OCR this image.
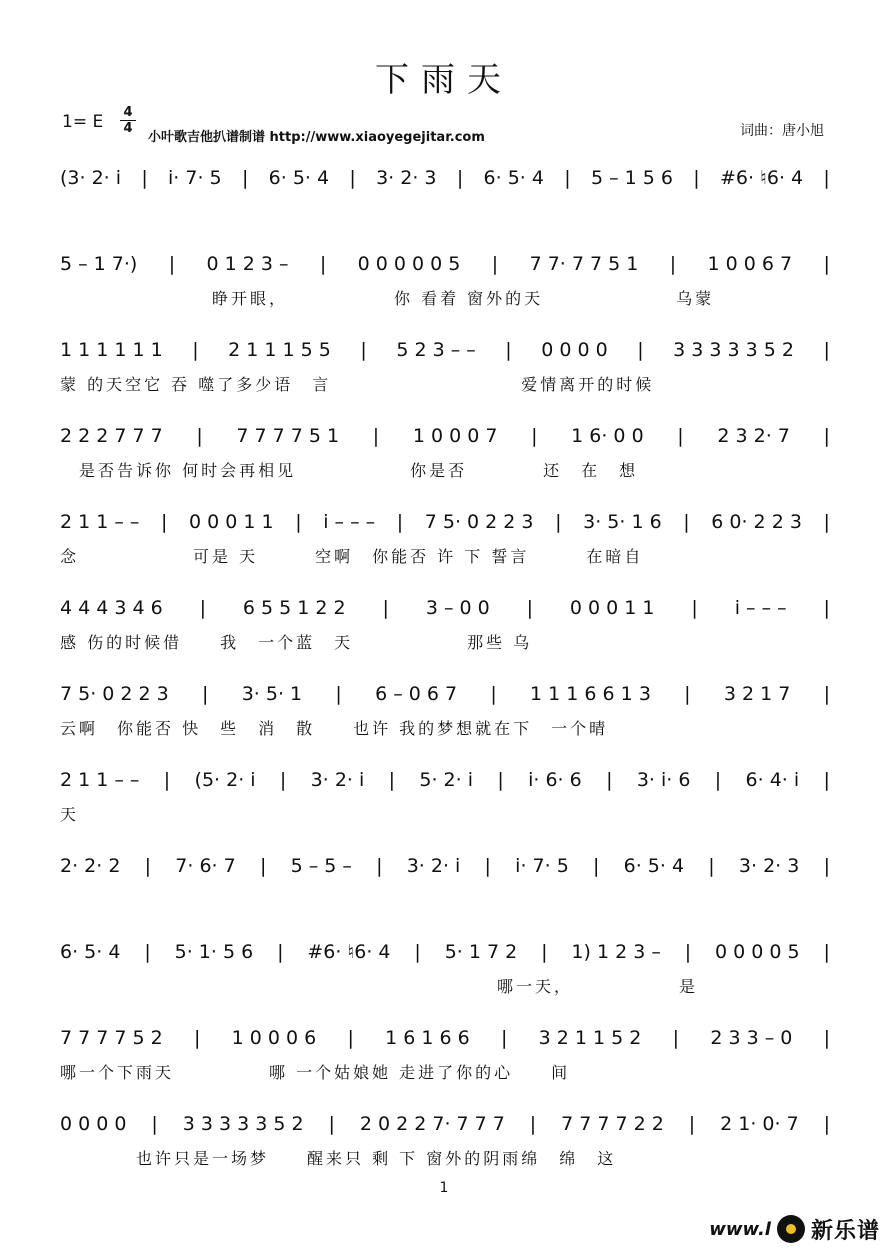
下雨天
1= E 4
4
小叶歌吉他扒谱制谱 http://www.xiaoyegejitar.com	词曲：唐小旭
(3· 2· i | i· 7· 5 | 6· 5· 4 | 3· 2· 3 | 6· 5· 4 | 5 – 1 5 6 | #6· ♮6· 4 |
5 – 1 7·) | 0 1 2 3 – | 0 0 0 0 0 5 | 7 7· 7 7 5 1 | 1 0 0 6 7 |
　　　　　　　　睁开眼，　　　　　　你 看着 窗外的天　　　　　　　乌蒙
1 1 1 1 1 1 | 2 1 1 1 5 5 | 5 2 3 – – | 0 0 0 0 | 3 3 3 3 3 5 2 |
蒙 的天空它 吞 噬了多少语　言　　　　　　　　　　爱情离开的时候
2 2 2 7 7 7 | 7 7 7 7 5 1 | 1 0 0 0 7 | 1 6· 0 0 | 2 3 2· 7 |
　是否告诉你 何时会再相见　　　　　　你是否　　　　还　在　想
2 1 1 – – | 0 0 0 1 1 | i – – – | 7 5· 0 2 2 3 | 3· 5· 1 6 | 6 0· 2 2 3 |
念　　　　　　可是 天　　　空啊　你能否 许 下 誓言　　　在暗自
4 4 4 3 4 6 | 6 5 5 1 2 2 | 3 – 0 0 | 0 0 0 1 1 | i – – – |
感 伤的时候借　　我　一个蓝　天　　　　　　那些 乌
7 5· 0 2 2 3 | 3· 5· 1 | 6 – 0 6 7 | 1 1 1 6 6 1 3 | 3 2 1 7 |
云啊　你能否 快　些　消　散　　也许 我的梦想就在下　一个晴
2 1 1 – – | (5· 2· i | 3· 2· i | 5· 2· i | i· 6· 6 | 3· i· 6 | 6· 4· i |
天
2· 2· 2 | 7· 6· 7 | 5 – 5 – | 3· 2· i | i· 7· 5 | 6· 5· 4 | 3· 2· 3 |
6· 5· 4 | 5· 1· 5 6 | #6· ♮6· 4 | 5· 1 7 2 | 1) 1 2 3 – | 0 0 0 0 5 |
　　　　　　　　　　　　　　　　　　　　　　　哪一天，　　　　　　是
7 7 7 7 5 2 | 1 0 0 0 6 | 1 6 1 6 6 | 3 2 1 1 5 2 | 2 3 3 – 0 |
哪一个下雨天　　　　　哪 一个姑娘她 走进了你的心　　间
0 0 0 0 | 3 3 3 3 3 5 2 | 2 0 2 2 7· 7 7 7 | 7 7 7 7 2 2 | 2 1· 0· 7 |
　　　　也许只是一场梦　　醒来只 剩 下 窗外的阴雨绵　绵　这
1
www.l 新乐谱
